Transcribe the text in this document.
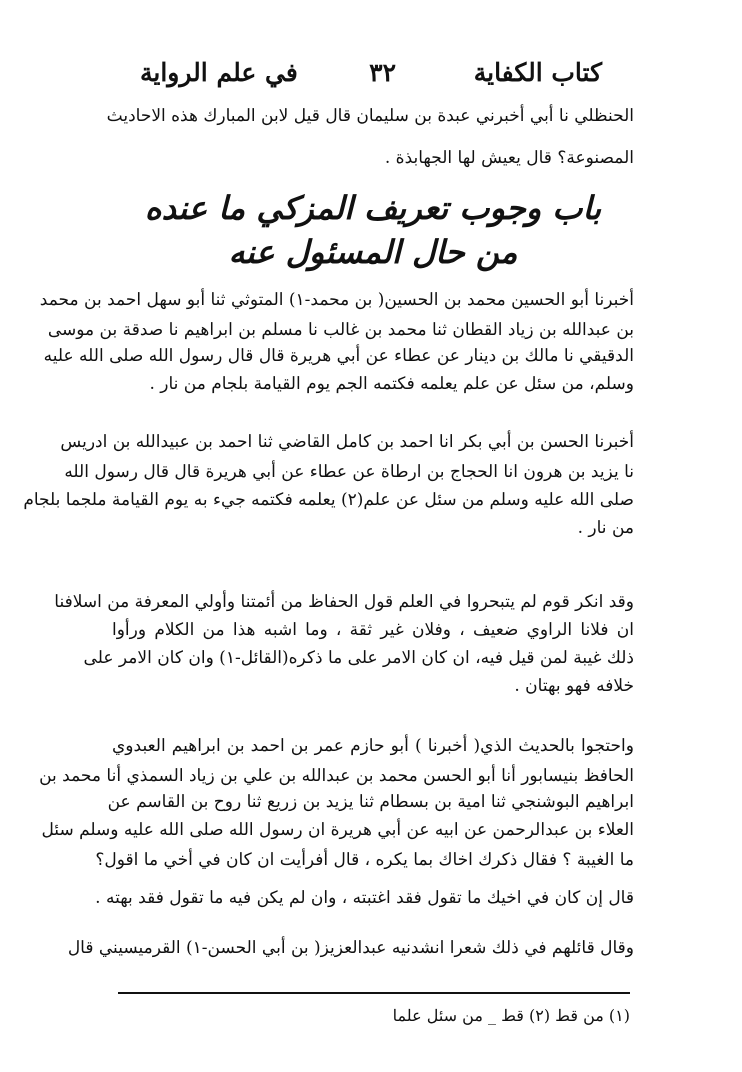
كتاب الكفاية
٣٢
في علم الرواية
الحنظلي نا أبي أخبرني عبدة بن سليمان قال قيل لابن المبارك هذه الاحاديث
المصنوعة؟ قال يعيش لها الجهابذة .
باب وجوب تعريف المزكي ما عنده
من حال المسئول عنه
أخبرنا أبو الحسين محمد بن الحسين( بن محمد-١) المتوثي ثنا أبو سهل احمد بن محمد
بن عبدالله بن زياد القطان ثنا محمد بن غالب نا مسلم بن ابراهيم نا صدقة بن موسى
الدقيقي نا مالك بن دينار عن عطاء عن أبي هريرة قال قال رسول الله صلى الله عليه
وسلم، من سئل عن علم يعلمه فكتمه الجم يوم القيامة بلجام من نار .
أخبرنا الحسن بن أبي بكر انا احمد بن كامل القاضي ثنا احمد بن عبيدالله بن ادريس
نا يزيد بن هرون انا الحجاج بن ارطاة عن عطاء عن أبي هريرة قال قال رسول الله
صلى الله عليه وسلم من سئل عن علم(٢) يعلمه فكتمه جيء به يوم القيامة ملجما بلجام
من نار .
وقد انكر قوم لم يتبحروا في العلم قول الحفاظ من أئمتنا وأولي المعرفة من اسلافنا
ان فلانا الراوي ضعيف ، وفلان غير ثقة ، وما اشبه هذا من الكلام ورأوا
ذلك غيبة لمن قيل فيه، ان كان الامر على ما ذكره(القائل-١) وان كان الامر على
خلافه فهو بهتان .
واحتجوا بالحديث الذي( أخبرنا ) أبو حازم عمر بن احمد بن ابراهيم العبدوي
الحافظ بنيسابور أنا أبو الحسن محمد بن عبدالله بن علي بن زياد السمذي أنا محمد بن
ابراهيم البوشنجي ثنا امية بن بسطام ثنا يزيد بن زريع ثنا روح بن القاسم عن
العلاء بن عبدالرحمن عن ابيه عن أبي هريرة ان رسول الله صلى الله عليه وسلم سئل
ما الغيبة ؟ فقال ذكرك اخاك بما يكره ، قال أفرأيت ان كان في أخي ما اقول؟
قال إن كان في اخيك ما تقول فقد اغتبته ، وان لم يكن فيه ما تقول فقد بهته .
وقال قائلهم في ذلك شعرا انشدنيه عبدالعزيز( بن أبي الحسن-١) القرميسيني قال
(١) من قط (٢) قط _ من سئل علما
